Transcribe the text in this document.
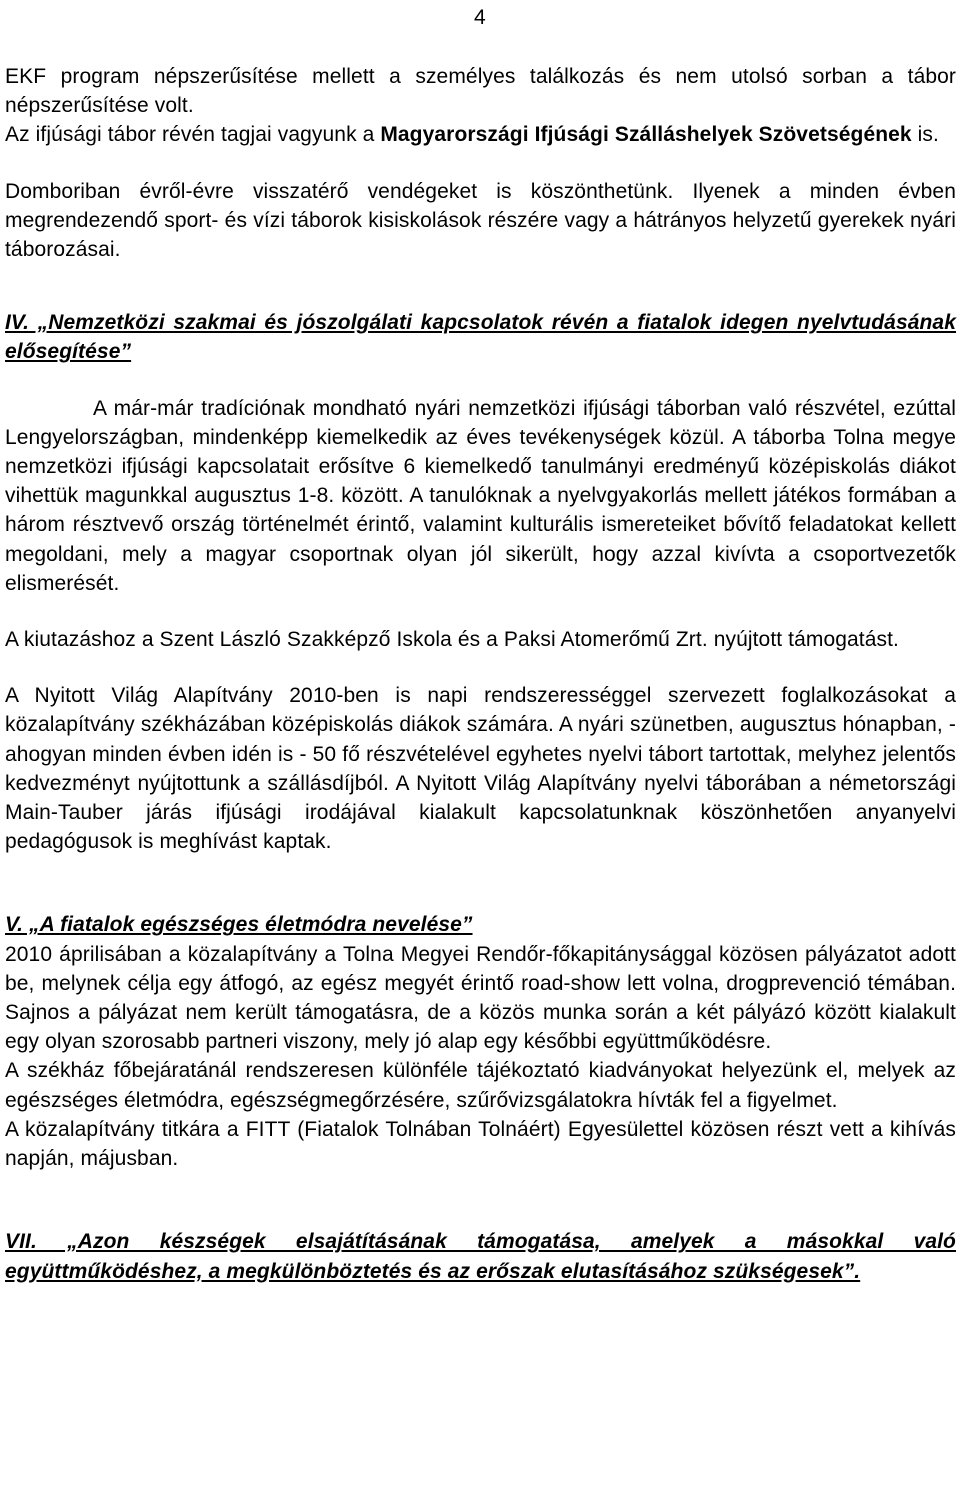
4

EKF program népszerűsítése mellett a személyes találkozás és nem utolsó sorban a tábor népszerűsítése volt.

Az ifjúsági tábor révén tagjai vagyunk a Magyarországi Ifjúsági Szálláshelyek Szövetségének is.

Domboriban évről-évre visszatérő vendégeket is köszönthetünk. Ilyenek a minden évben megrendezendő sport- és vízi táborok kisiskolások részére vagy a hátrányos helyzetű gyerekek nyári táborozásai.

IV. „Nemzetközi szakmai és jószolgálati kapcsolatok révén a fiatalok idegen nyelvtudásának elősegítése”

A már-már tradíciónak mondható nyári nemzetközi ifjúsági táborban való részvétel, ezúttal Lengyelországban, mindenképp kiemelkedik az éves tevékenységek közül. A táborba Tolna megye nemzetközi ifjúsági kapcsolatait erősítve 6 kiemelkedő tanulmányi eredményű középiskolás diákot vihettük magunkkal augusztus 1-8. között. A tanulóknak a nyelvgyakorlás mellett játékos formában a három résztvevő ország történelmét érintő, valamint kulturális ismereteiket bővítő feladatokat kellett megoldani, mely a magyar csoportnak olyan jól sikerült, hogy azzal kivívta a csoportvezetők elismerését.

A kiutazáshoz a Szent László Szakképző Iskola és a Paksi Atomerőmű Zrt. nyújtott támogatást.

A Nyitott Világ Alapítvány 2010-ben is napi rendszerességgel szervezett foglalkozásokat a közalapítvány székházában középiskolás diákok számára. A nyári szünetben, augusztus hónapban, - ahogyan minden évben idén is - 50 fő részvételével egyhetes nyelvi tábort tartottak, melyhez jelentős kedvezményt nyújtottunk a szállásdíjból. A Nyitott Világ Alapítvány nyelvi táborában a németországi Main-Tauber járás ifjúsági irodájával kialakult kapcsolatunknak köszönhetően anyanyelvi pedagógusok is meghívást kaptak.

V. „A fiatalok egészséges életmódra nevelése”

2010 áprilisában a közalapítvány a Tolna Megyei Rendőr-főkapitánysággal közösen pályázatot adott be, melynek célja egy átfogó, az egész megyét érintő road-show lett volna, drogprevenció témában. Sajnos a pályázat nem került támogatásra, de a közös munka során a két pályázó között kialakult egy olyan szorosabb partneri viszony, mely jó alap egy későbbi együttműködésre.

A székház főbejáratánál rendszeresen különféle tájékoztató kiadványokat helyezünk el, melyek az egészséges életmódra, egészségmegőrzésére, szűrővizsgálatokra hívták fel a figyelmet.

A közalapítvány titkára a FITT (Fiatalok Tolnában Tolnáért) Egyesülettel közösen részt vett a kihívás napján, májusban.

VII. „Azon készségek elsajátításának támogatása, amelyek a másokkal való együttműködéshez, a megkülönböztetés és az erőszak elutasításához szükségesek”.
